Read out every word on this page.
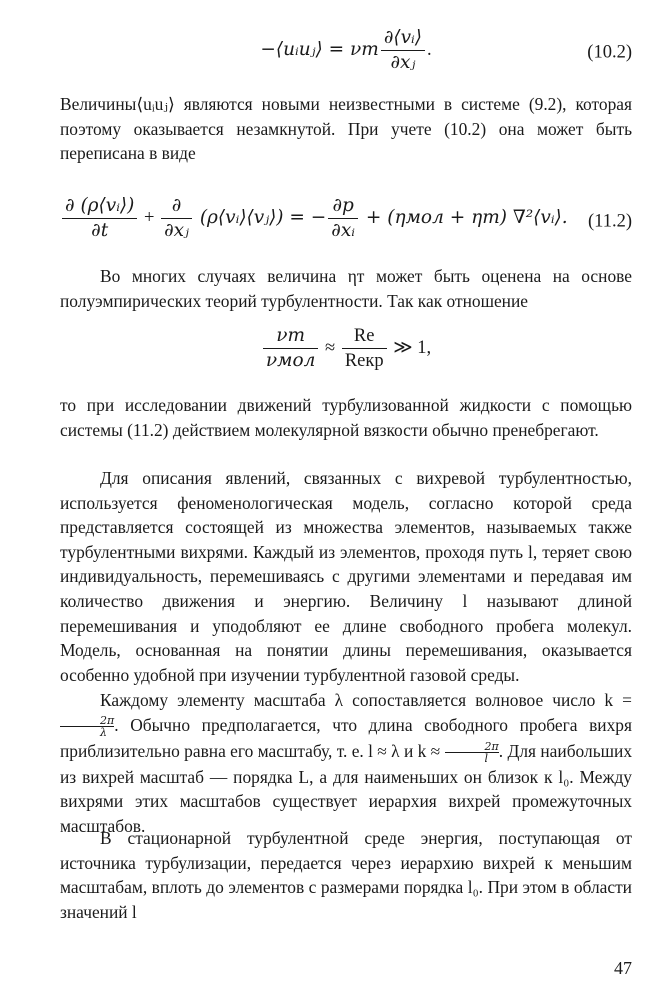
−⟨uᵢuⱼ⟩ = νт $\frac{\text{∂⟨vᵢ⟩}}{\text{∂xⱼ}}$ .	(10.2)
Величины⟨uᵢuⱼ⟩ являются новыми неизвестными в системе (9.2), которая поэтому оказывается незамкнутой. При учете (10.2) она может быть переписана в виде
$\frac{\text{∂ (ρ⟨vᵢ⟩)}}{\partial t} + \frac{\partial}{\text{∂xⱼ}}$ (ρ⟨vᵢ⟩⟨vⱼ⟩) = − $\frac{\partial p}{\text{∂xᵢ}} + (\eta мол + \eta т)$ ∇²⟨vᵢ⟩. (11.2)
Во многих случаях величина ηт может быть оценена на основе полуэмпирических теорий турбулентности. Так как отношение
$\frac{\nu т}{\text{νмол}} \approx \frac{Re}{\text{Reкр}}$ ≫ 1,
то при исследовании движений турбулизованной жидкости с помощью системы (11.2) действием молекулярной вязкости обычно пренебрегают.
Для описания явлений, связанных с вихревой турбулентностью, используется феноменологическая модель, согласно которой среда представляется состоящей из множества элементов, называемых также турбулентными вихрями. Каждый из элементов, проходя путь l, теряет свою индивидуальность, перемешиваясь с другими элементами и передавая им количество движения и энергию. Величину l называют длиной перемешивания и уподобляют ее длине свободного пробега молекул. Модель, основанная на понятии длины перемешивания, оказывается особенно удобной при изучении турбулентной газовой среды.
Каждому элементу масштаба λ сопоставляется волновое число k =
$\frac{2\pi}{\lambda}$ . Обычно предполагается, что длина свободного пробега вихря приблизительно равна его масштабу, т. е. l ≈ λ и $k \approx \frac{2\pi}{l}$ . Для наибольших из вихрей масштаб — порядка L, а для наименьших он близок к l₀. Между вихрями этих масштабов существует иерархия вихрей промежуточных масштабов.
В стационарной турбулентной среде энергия, поступающая от источника турбулизации, передается через иерархию вихрей к меньшим масштабам, вплоть до элементов с размерами порядка l₀. При этом в области значений l
47
